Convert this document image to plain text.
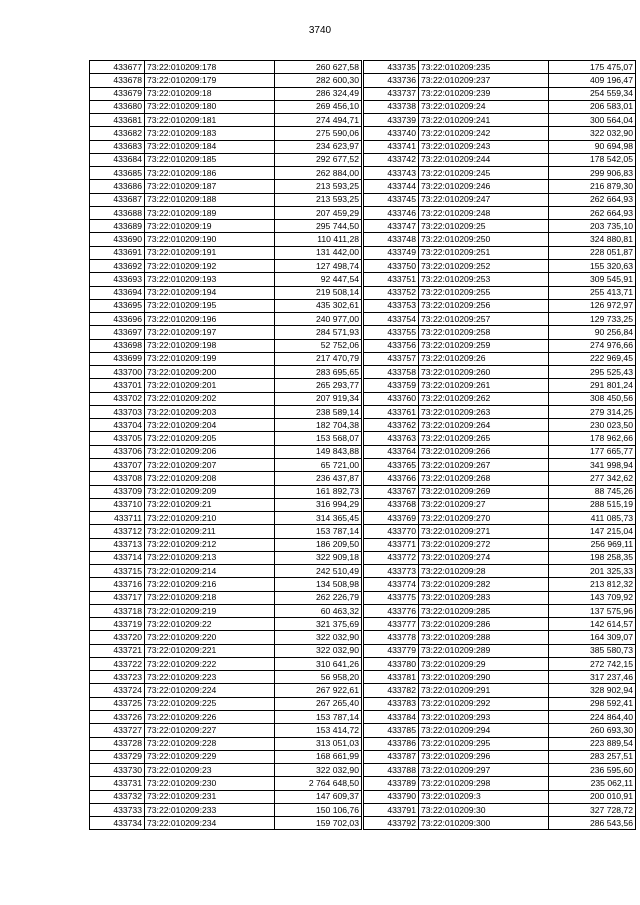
3740
433677	73:22:010209:178	260 627,58
433678	73:22:010209:179	282 600,30
433679	73:22:010209:18	286 324,49
433680	73:22:010209:180	269 456,10
433681	73:22:010209:181	274 494,71
433682	73:22:010209:183	275 590,06
433683	73:22:010209:184	234 623,97
433684	73:22:010209:185	292 677,52
433685	73:22:010209:186	262 884,00
433686	73:22:010209:187	213 593,25
433687	73:22:010209:188	213 593,25
433688	73:22:010209:189	207 459,29
433689	73:22:010209:19	295 744,50
433690	73:22:010209:190	110 411,28
433691	73:22:010209:191	131 442,00
433692	73:22:010209:192	127 498,74
433693	73:22:010209:193	92 447,54
433694	73:22:010209:194	219 508,14
433695	73:22:010209:195	435 302,61
433696	73:22:010209:196	240 977,00
433697	73:22:010209:197	284 571,93
433698	73:22:010209:198	52 752,06
433699	73:22:010209:199	217 470,79
433700	73:22:010209:200	283 695,65
433701	73:22:010209:201	265 293,77
433702	73:22:010209:202	207 919,34
433703	73:22:010209:203	238 589,14
433704	73:22:010209:204	182 704,38
433705	73:22:010209:205	153 568,07
433706	73:22:010209:206	149 843,88
433707	73:22:010209:207	65 721,00
433708	73:22:010209:208	236 437,87
433709	73:22:010209:209	161 892,73
433710	73:22:010209:21	316 994,29
433711	73:22:010209:210	314 365,45
433712	73:22:010209:211	153 787,14
433713	73:22:010209:212	186 209,50
433714	73:22:010209:213	322 909,18
433715	73:22:010209:214	242 510,49
433716	73:22:010209:216	134 508,98
433717	73:22:010209:218	262 226,79
433718	73:22:010209:219	60 463,32
433719	73:22:010209:22	321 375,69
433720	73:22:010209:220	322 032,90
433721	73:22:010209:221	322 032,90
433722	73:22:010209:222	310 641,26
433723	73:22:010209:223	56 958,20
433724	73:22:010209:224	267 922,61
433725	73:22:010209:225	267 265,40
433726	73:22:010209:226	153 787,14
433727	73:22:010209:227	153 414,72
433728	73:22:010209:228	313 051,03
433729	73:22:010209:229	168 661,99
433730	73:22:010209:23	322 032,90
433731	73:22:010209:230	2 764 648,50
433732	73:22:010209:231	147 609,37
433733	73:22:010209:233	150 106,76
433734	73:22:010209:234	159 702,03
433735	73:22:010209:235	175 475,07
433736	73:22:010209:237	409 196,47
433737	73:22:010209:239	254 559,34
433738	73:22:010209:24	206 583,01
433739	73:22:010209:241	300 564,04
433740	73:22:010209:242	322 032,90
433741	73:22:010209:243	90 694,98
433742	73:22:010209:244	178 542,05
433743	73:22:010209:245	299 906,83
433744	73:22:010209:246	216 879,30
433745	73:22:010209:247	262 664,93
433746	73:22:010209:248	262 664,93
433747	73:22:010209:25	203 735,10
433748	73:22:010209:250	324 880,81
433749	73:22:010209:251	228 051,87
433750	73:22:010209:252	155 320,63
433751	73:22:010209:253	309 545,91
433752	73:22:010209:255	255 413,71
433753	73:22:010209:256	126 972,97
433754	73:22:010209:257	129 733,25
433755	73:22:010209:258	90 256,84
433756	73:22:010209:259	274 976,66
433757	73:22:010209:26	222 969,45
433758	73:22:010209:260	295 525,43
433759	73:22:010209:261	291 801,24
433760	73:22:010209:262	308 450,56
433761	73:22:010209:263	279 314,25
433762	73:22:010209:264	230 023,50
433763	73:22:010209:265	178 962,66
433764	73:22:010209:266	177 665,77
433765	73:22:010209:267	341 998,94
433766	73:22:010209:268	277 342,62
433767	73:22:010209:269	88 745,26
433768	73:22:010209:27	288 515,19
433769	73:22:010209:270	411 085,73
433770	73:22:010209:271	147 215,04
433771	73:22:010209:272	256 969,11
433772	73:22:010209:274	198 258,35
433773	73:22:010209:28	201 325,33
433774	73:22:010209:282	213 812,32
433775	73:22:010209:283	143 709,92
433776	73:22:010209:285	137 575,96
433777	73:22:010209:286	142 614,57
433778	73:22:010209:288	164 309,07
433779	73:22:010209:289	385 580,73
433780	73:22:010209:29	272 742,15
433781	73:22:010209:290	317 237,46
433782	73:22:010209:291	328 902,94
433783	73:22:010209:292	298 592,41
433784	73:22:010209:293	224 864,40
433785	73:22:010209:294	260 693,30
433786	73:22:010209:295	223 889,54
433787	73:22:010209:296	283 257,51
433788	73:22:010209:297	236 595,60
433789	73:22:010209:298	235 062,11
433790	73:22:010209:3	200 010,91
433791	73:22:010209:30	327 728,72
433792	73:22:010209:300	286 543,56
